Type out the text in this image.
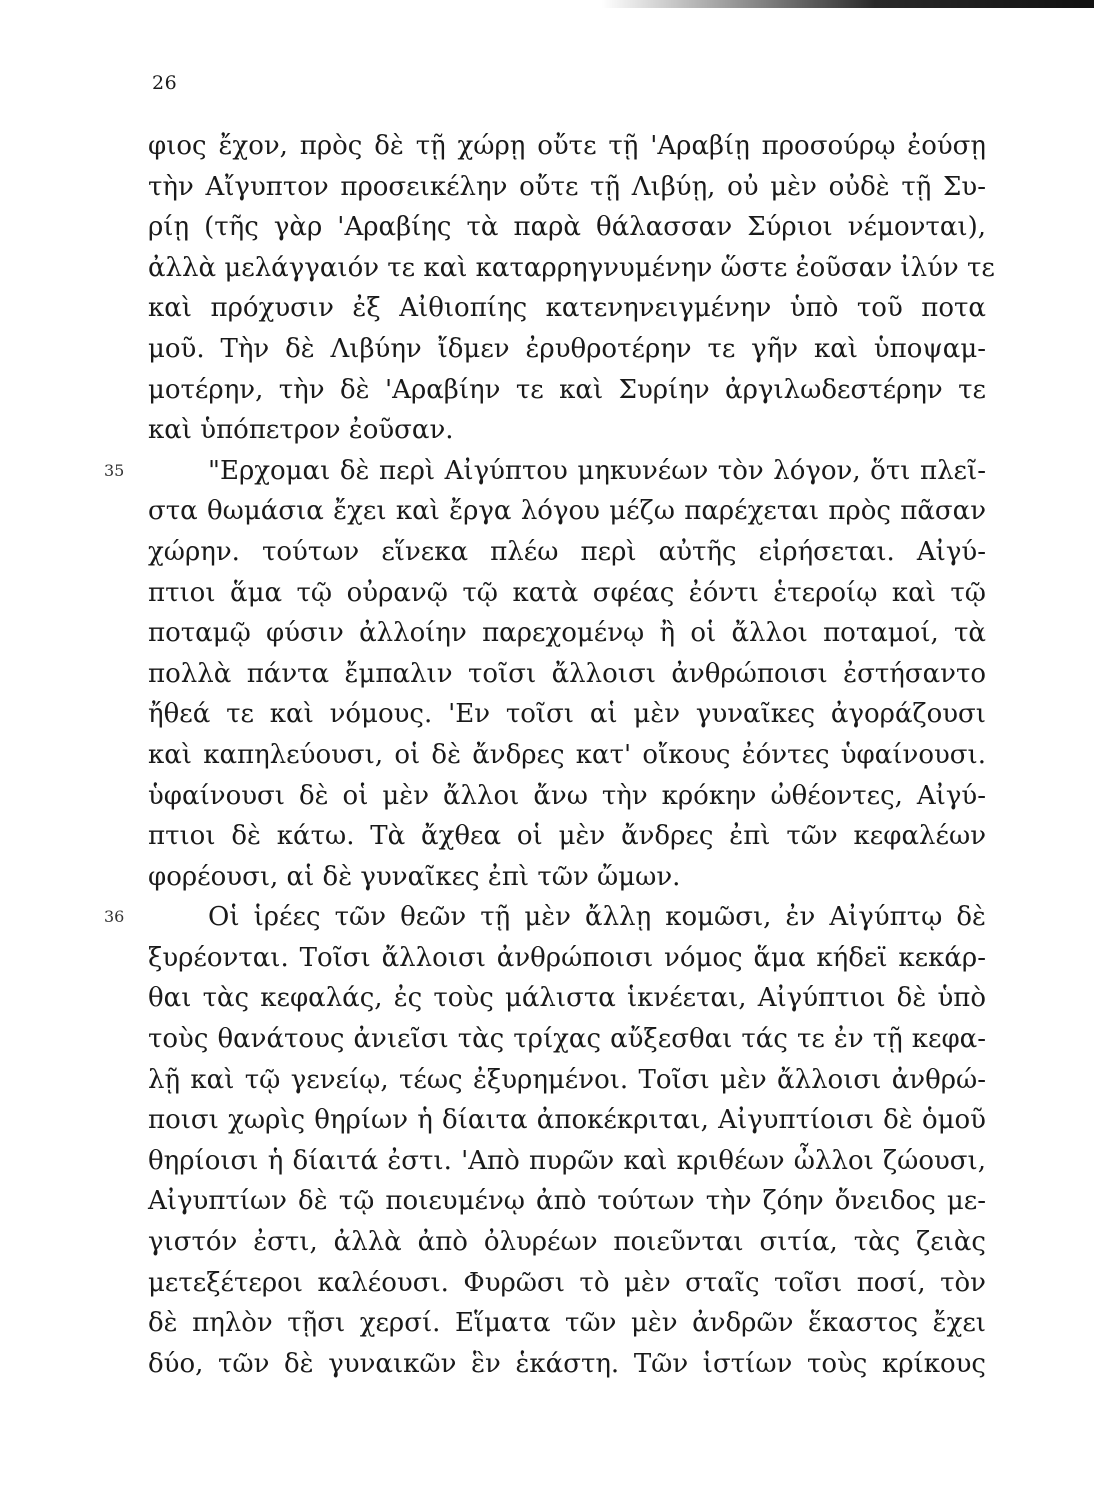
26
φιος ἔχον, πρὸς δὲ τῇ χώρῃ οὔτε τῇ 'Αραβίῃ προσούρῳ ἐούσῃ
τὴν Αἴγυπτον προσεικέλην οὔτε τῇ Λιβύῃ, οὐ μὲν οὐδὲ τῇ Συ-
ρίῃ (τῆς γὰρ 'Αραβίης τὰ παρὰ θάλασσαν Σύριοι νέμονται),
ἀλλὰ μελάγγαιόν τε καὶ καταρρηγνυμένην ὥστε ἐοῦσαν ἰλύν τε
καὶ πρόχυσιν ἐξ Αἰθιοπίης κατενηνειγμένην ὑπὸ τοῦ ποτα
μοῦ. Τὴν δὲ Λιβύην ἴδμεν ἐρυθροτέρην τε γῆν καὶ ὑποψαμ-
μοτέρην, τὴν δὲ 'Αραβίην τε καὶ Συρίην ἀργιλωδεστέρην τε
καὶ ὑπόπετρον ἐοῦσαν.
35	"Ερχομαι δὲ περὶ Αἰγύπτου μηκυνέων τὸν λόγον, ὅτι πλεῖ-
στα θωμάσια ἔχει καὶ ἔργα λόγου μέζω παρέχεται πρὸς πᾶσαν
χώρην. τούτων εἵνεκα πλέω περὶ αὐτῆς εἰρήσεται. Αἰγύ-
πτιοι ἅμα τῷ οὐρανῷ τῷ κατὰ σφέας ἐόντι ἑτεροίῳ καὶ τῷ
ποταμῷ φύσιν ἀλλοίην παρεχομένῳ ἢ οἱ ἄλλοι ποταμοί, τὰ
πολλὰ πάντα ἔμπαλιν τοῖσι ἄλλοισι ἀνθρώποισι ἐστήσαντο
ἤθεά τε καὶ νόμους. 'Εν τοῖσι αἱ μὲν γυναῖκες ἀγοράζουσι
καὶ καπηλεύουσι, οἱ δὲ ἄνδρες κατ' οἴκους ἐόντες ὑφαίνουσι.
ὑφαίνουσι δὲ οἱ μὲν ἄλλοι ἄνω τὴν κρόκην ὠθέοντες, Αἰγύ-
πτιοι δὲ κάτω. Τὰ ἄχθεα οἱ μὲν ἄνδρες ἐπὶ τῶν κεφαλέων
φορέουσι, αἱ δὲ γυναῖκες ἐπὶ τῶν ὤμων.
36	Οἱ ἱρέες τῶν θεῶν τῇ μὲν ἄλλῃ κομῶσι, ἐν Αἰγύπτῳ δὲ
ξυρέονται. Τοῖσι ἄλλοισι ἀνθρώποισι νόμος ἅμα κήδεϊ κεκάρ-
θαι τὰς κεφαλάς, ἐς τοὺς μάλιστα ἱκνέεται, Αἰγύπτιοι δὲ ὑπὸ
τοὺς θανάτους ἀνιεῖσι τὰς τρίχας αὔξεσθαι τάς τε ἐν τῇ κεφα-
λῇ καὶ τῷ γενείῳ, τέως ἐξυρημένοι. Τοῖσι μὲν ἄλλοισι ἀνθρώ-
ποισι χωρὶς θηρίων ἡ δίαιτα ἀποκέκριται, Αἰγυπτίοισι δὲ ὁμοῦ
θηρίοισι ἡ δίαιτά ἐστι. 'Απὸ πυρῶν καὶ κριθέων ὦλλοι ζώουσι,
Αἰγυπτίων δὲ τῷ ποιευμένῳ ἀπὸ τούτων τὴν ζόην ὄνειδος με-
γιστόν ἐστι, ἀλλὰ ἀπὸ ὀλυρέων ποιεῦνται σιτία, τὰς ζειὰς
μετεξέτεροι καλέουσι. Φυρῶσι τὸ μὲν σταῖς τοῖσι ποσί, τὸν
δὲ πηλὸν τῇσι χερσί. Εἵματα τῶν μὲν ἀνδρῶν ἕκαστος ἔχει
δύο, τῶν δὲ γυναικῶν ἓν ἑκάστη. Τῶν ἱστίων τοὺς κρίκους
